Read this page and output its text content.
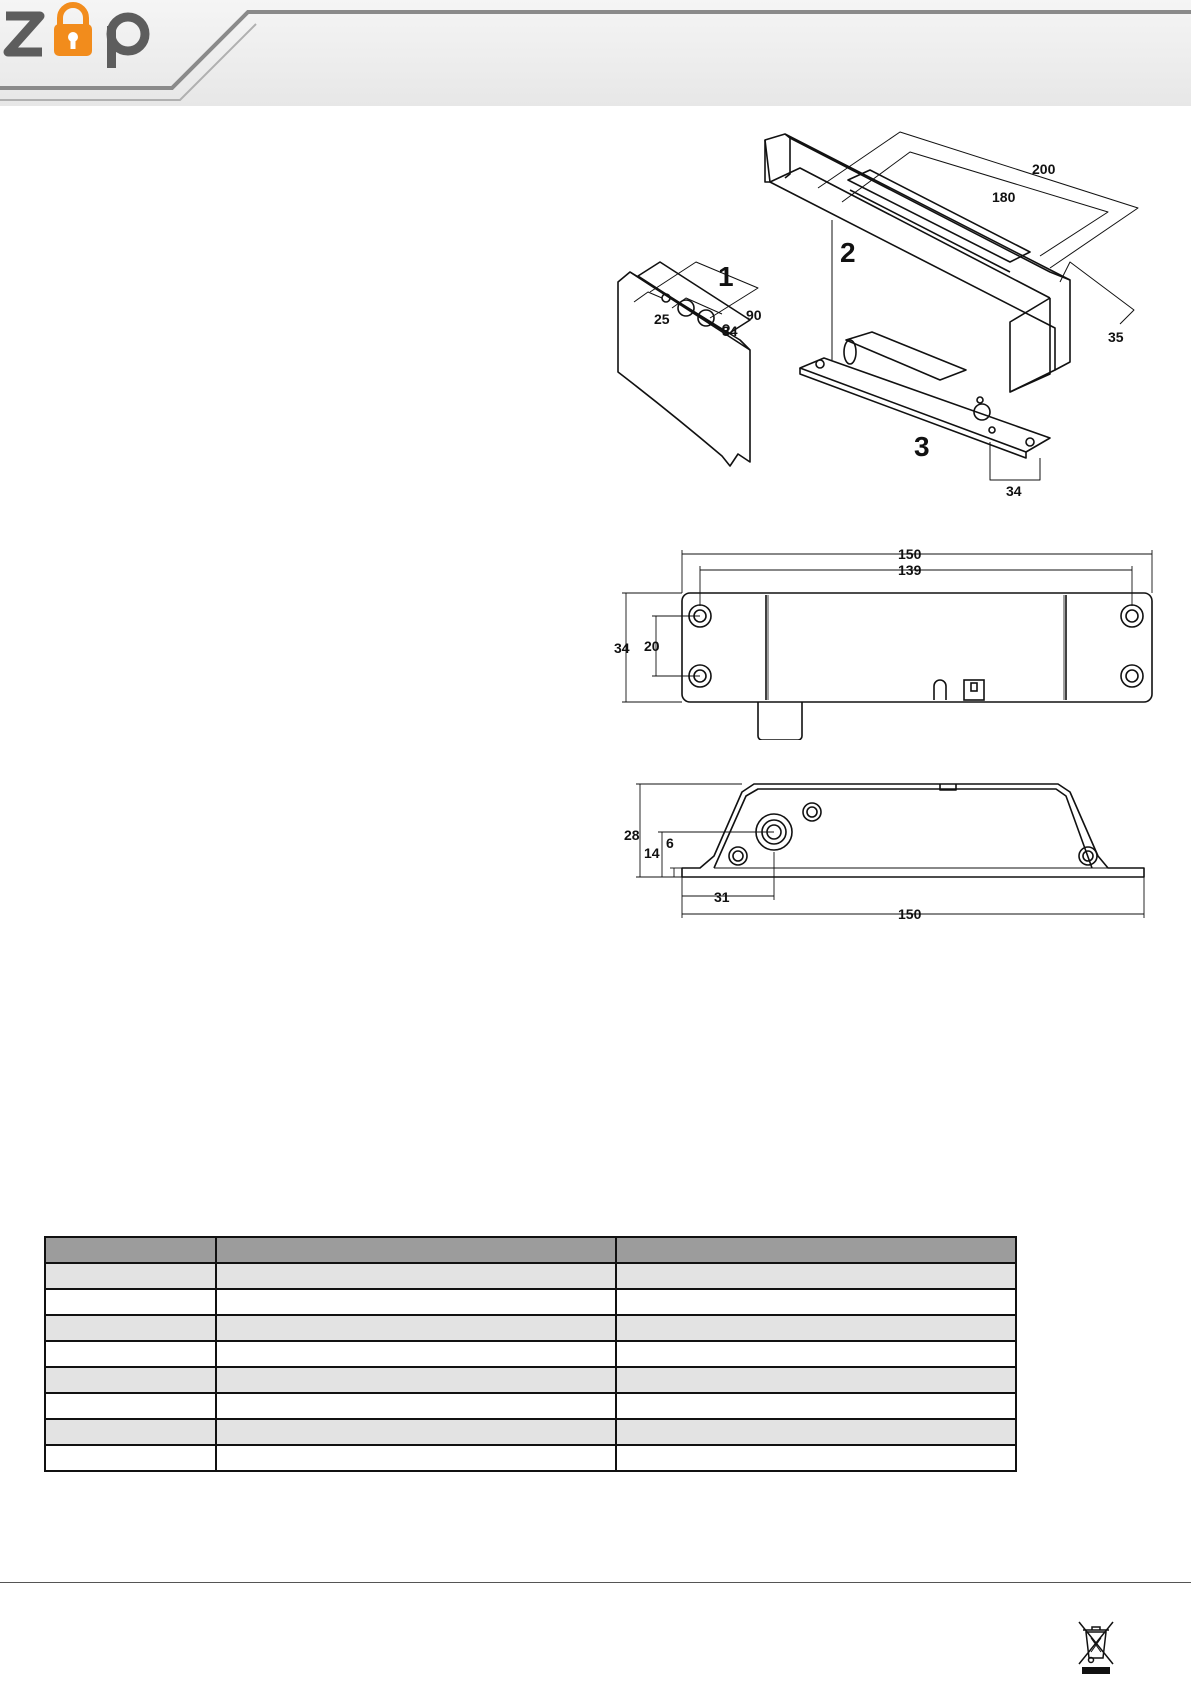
1
2
3
200
180
90
25
34	35
34
150
139
34 20
28
14
6
31
150
